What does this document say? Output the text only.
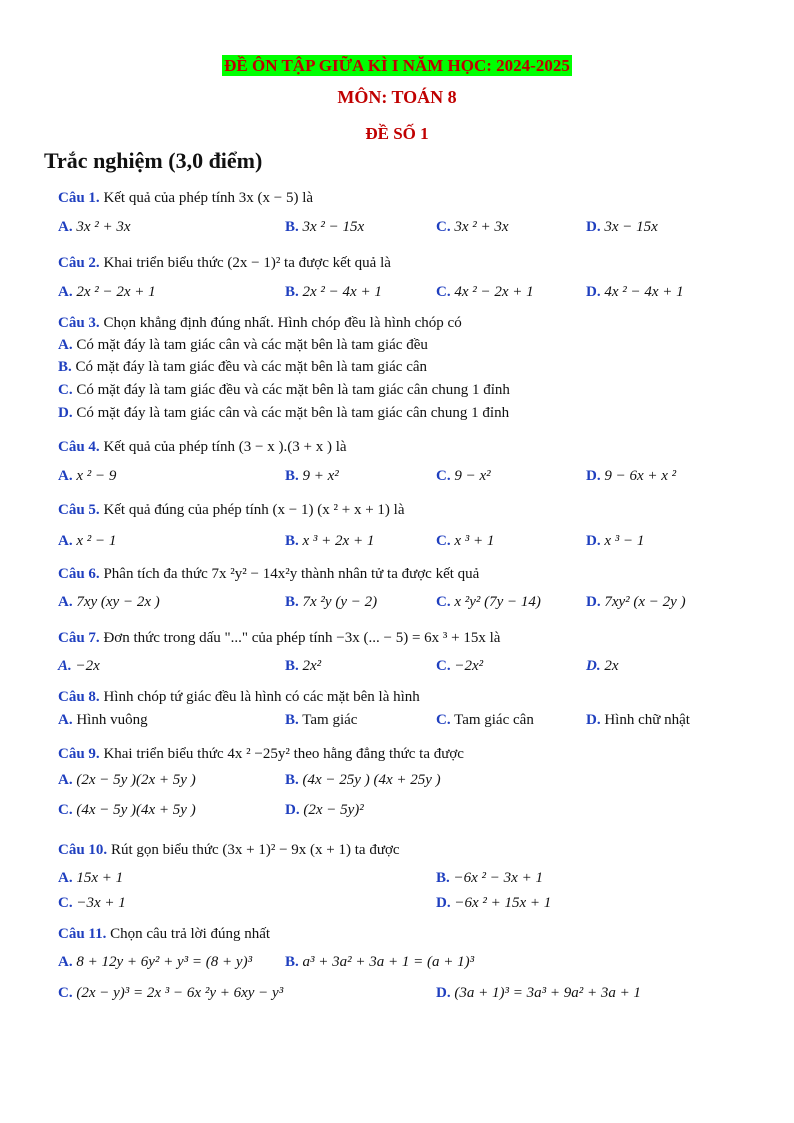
ĐỀ ÔN TẬP GIỮA KÌ I NĂM HỌC: 2024-2025
MÔN: TOÁN 8
ĐỀ SỐ 1
Trắc nghiệm (3,0 điểm)
Câu 1. Kết quả của phép tính 3x (x − 5) là
A. 3x ² + 3x	B. 3x ² − 15x	C. 3x ² + 3x	D. 3x − 15x
Câu 2. Khai triển biểu thức (2x − 1)² ta được kết quả là
A. 2x ² − 2x + 1	B. 2x ² − 4x + 1	C. 4x ² − 2x + 1	D. 4x ² − 4x + 1
Câu 3. Chọn khẳng định đúng nhất. Hình chóp đều là hình chóp có
A. Có mặt đáy là tam giác cân và các mặt bên là tam giác đều
B. Có mặt đáy là tam giác đều và các mặt bên là tam giác cân
C. Có mặt đáy là tam giác đều và các mặt bên là tam giác cân chung 1 đỉnh
D. Có mặt đáy là tam giác cân và các mặt bên là tam giác cân chung 1 đỉnh
Câu 4. Kết quả của phép tính (3 − x ).(3 + x ) là
A. x ² − 9	B. 9 + x²	C. 9 − x²	D. 9 − 6x + x ²
Câu 5. Kết quả đúng của phép tính (x − 1) (x ² + x + 1) là
A. x ² − 1	B. x ³ + 2x + 1	C. x ³ + 1	D. x ³ − 1
Câu 6. Phân tích đa thức 7x ²y² − 14x²y thành nhân tử ta được kết quả
A. 7xy (xy − 2x )	B. 7x ²y (y − 2)	C. x ²y² (7y − 14)	D. 7xy² (x − 2y )
Câu 7. Đơn thức trong dấu "..." của phép tính −3x (... − 5) = 6x ³ + 15x là
A. −2x	B. 2x²	C. −2x²	D. 2x
Câu 8. Hình chóp tứ giác đều là hình có các mặt bên là hình
A. Hình vuông	B. Tam giác	C. Tam giác cân	D. Hình chữ nhật
Câu 9. Khai triển biểu thức 4x ² −25y² theo hằng đẳng thức ta được
A. (2x − 5y )(2x + 5y )	B. (4x − 25y ) (4x + 25y )
C. (4x − 5y )(4x + 5y )	D. (2x − 5y)²
Câu 10. Rút gọn biểu thức (3x + 1)² − 9x (x + 1) ta được
A. 15x + 1	B. −6x ² − 3x + 1
C. −3x + 1	D. −6x ² + 15x + 1
Câu 11. Chọn câu trả lời đúng nhất
A. 8 + 12y + 6y² + y³ = (8 + y)³ B. a³ + 3a² + 3a + 1 = (a + 1)³
C. (2x − y)³ = 2x ³ − 6x ²y + 6xy − y³	D. (3a + 1)³ = 3a³ + 9a² + 3a + 1
